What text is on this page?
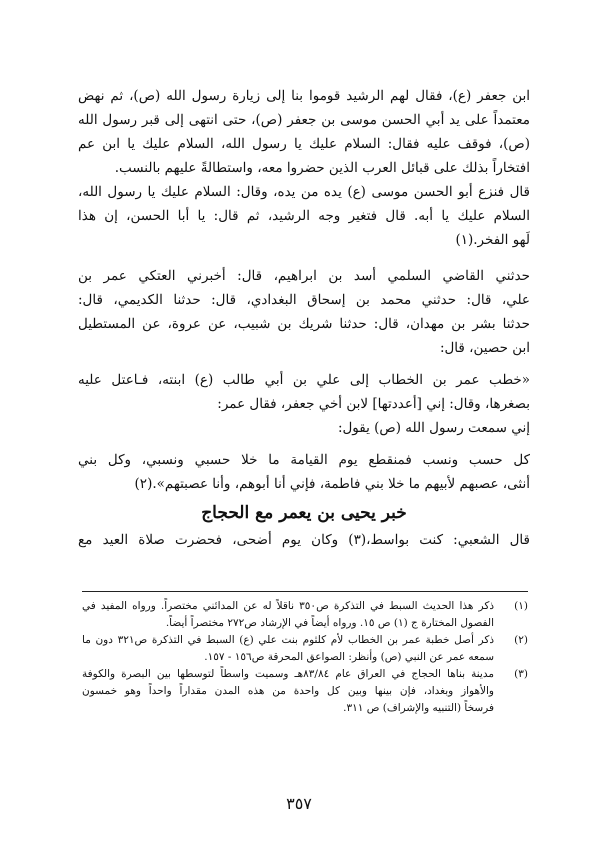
ابن جعفر (ع)، فقال لهم الرشيد قوموا بنا إلى زيارة رسول الله (ص)، ثم نهض
معتمداً على يد أبي الحسن موسى بن جعفر (ص)، حتى انتهى إلى قبر رسول الله
(ص)، فوقف عليه فقال: السلام عليك يا رسول الله، السلام عليك يا ابن عم
افتخاراً بذلك على قبائل العرب الذين حضروا معه، واستطالةً عليهم بالنسب.
قال فنزع أبو الحسن موسى (ع) يده من يده، وقال: السلام عليك يا رسول الله،
السلام عليك يا أبه. قال فتغير وجه الرشيد، ثم قال: يا أبا الحسن، إن هذا
لَهو الفخر.(١)
حدثني القاضي السلمي أسد بن ابراهيم، قال: أخبرني العتكي عمر بن
علي، قال: حدثني محمد بن إسحاق البغدادي، قال: حدثنا الكديمي، قال:
حدثنا بشر بن مهدان، قال: حدثنا شريك بن شبيب، عن عروة، عن المستطيل
ابن حصين، قال:
«خطب عمر بن الخطاب إلى علي بن أبي طالب (ع) ابنته، فـاعتل عليه
بصغرها، وقال: إني [أعددتها] لابن أخي جعفر، فقال عمر:
إني سمعت رسول الله (ص) يقول:
كل حسب ونسب فمنقطع يوم القيامة ما خلا حسبي ونسبي، وكل بني
أنثى، عصبهم لأبيهم ما خلا بني فاطمة، فإني أنا أبوهم، وأنا عصبتهم».(٢)
خبر يحيى بن يعمر مع الحجاج
قال الشعبي: كنت بواسط،(٣) وكان يوم أضحى، فحضرت صلاة العيد مع
(١)
ذكر هذا الحديث السبط في التذكرة ص٣٥٠ ناقلاً له عن المدائني مختصراً. ورواه المفيد في
الفصول المختارة ج (١) ص ١٥. ورواه أيضاً في الإرشاد ص٢٧٢ مختصراً أيضاً.
(٢)
ذكر أصل خطبة عمر بن الخطاب لأم كلثوم بنت علي (ع) السبط في التذكرة ص٣٢١ دون ما
سمعه عمر عن النبي (ص) وأنظر: الصواعق المحرقة ص١٥٦ - ١٥٧.
(٣)
مدينة بناها الحجاج في العراق عام ٨٣/٨٤هـ وسميت واسطاً لتوسطها بين البصرة والكوفة
والأهواز وبغداد، فإن بينها وبين كل واحدة من هذه المدن مقداراً واحداً وهو خمسون
فرسخاً (التنبيه والإشراف) ص ٣١١.
٣٥٧
